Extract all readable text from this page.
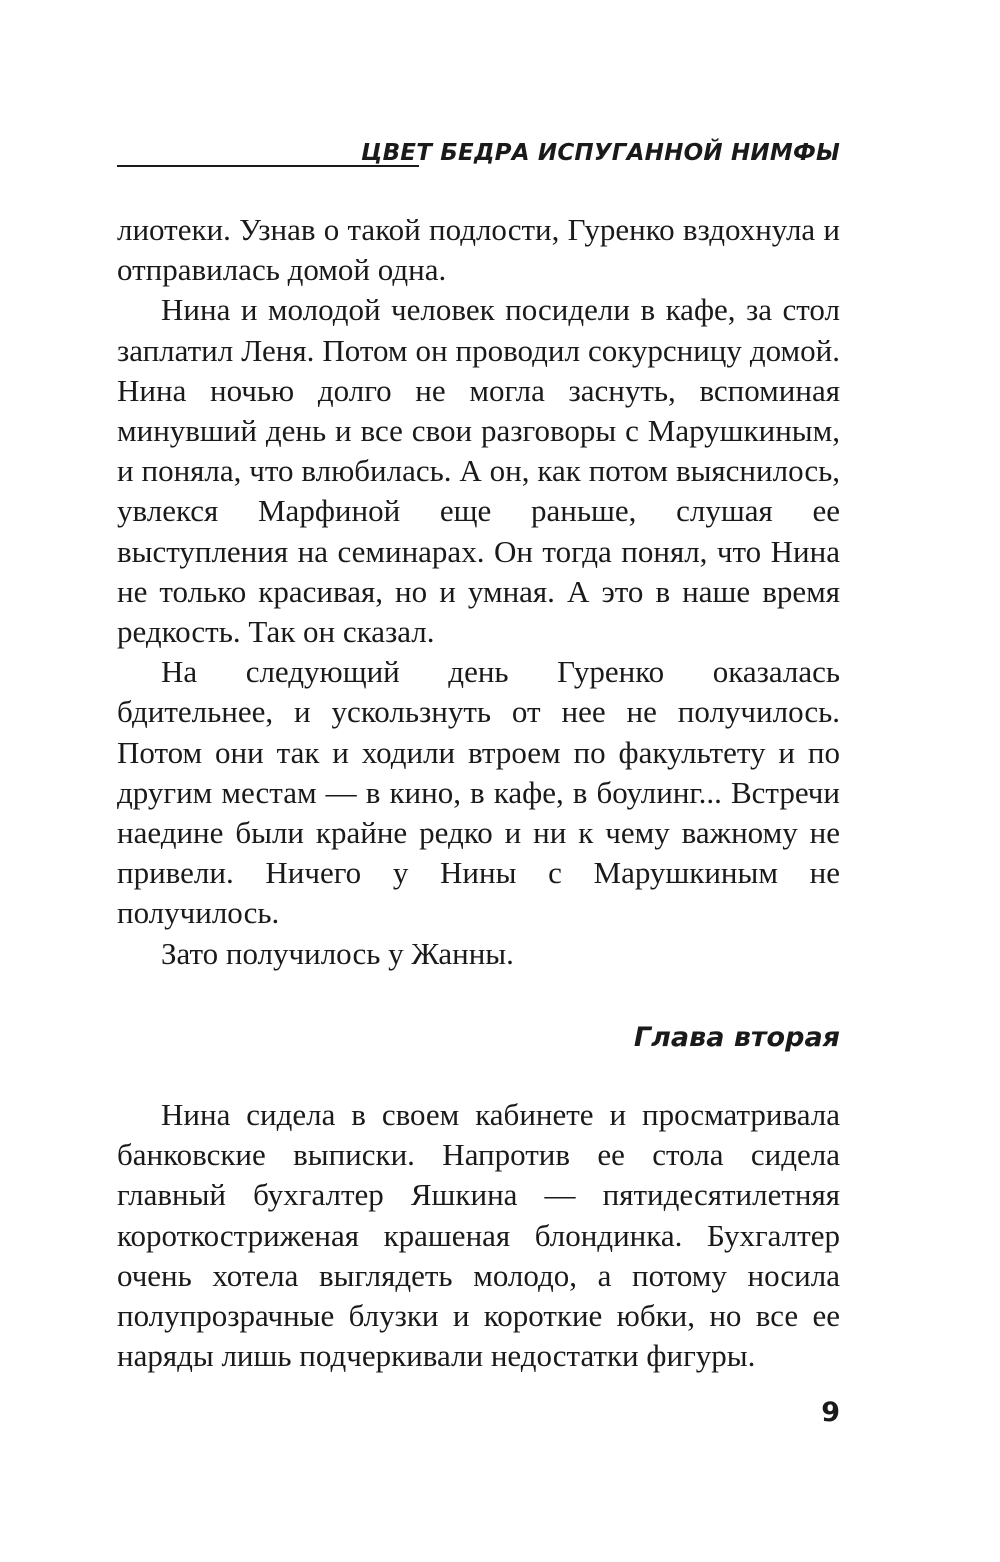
ЦВЕТ БЕДРА ИСПУГАННОЙ НИМФЫ

лиотеки. Узнав о такой подлости, Гуренко вздохнула и отправилась домой одна.

Нина и молодой человек посидели в кафе, за стол заплатил Леня. Потом он проводил сокурсницу домой. Нина ночью долго не могла заснуть, вспоминая минувший день и все свои разговоры с Марушкиным, и поняла, что влюбилась. А он, как потом выяснилось, увлекся Марфиной еще раньше, слушая ее выступления на семинарах. Он тогда понял, что Нина не только красивая, но и умная. А это в наше время редкость. Так он сказал.

На следующий день Гуренко оказалась бдительнее, и ускользнуть от нее не получилось. Потом они так и ходили втроем по факультету и по другим местам — в кино, в кафе, в боулинг... Встречи наедине были крайне редко и ни к чему важному не привели. Ничего у Нины с Марушкиным не получилось.

Зато получилось у Жанны.

Глава вторая

Нина сидела в своем кабинете и просматривала банковские выписки. Напротив ее стола сидела главный бухгалтер Яшкина — пятидесятилетняя короткостриженая крашеная блондинка. Бухгалтер очень хотела выглядеть молодо, а потому носила полупрозрачные блузки и короткие юбки, но все ее наряды лишь подчеркивали недостатки фигуры.

9
